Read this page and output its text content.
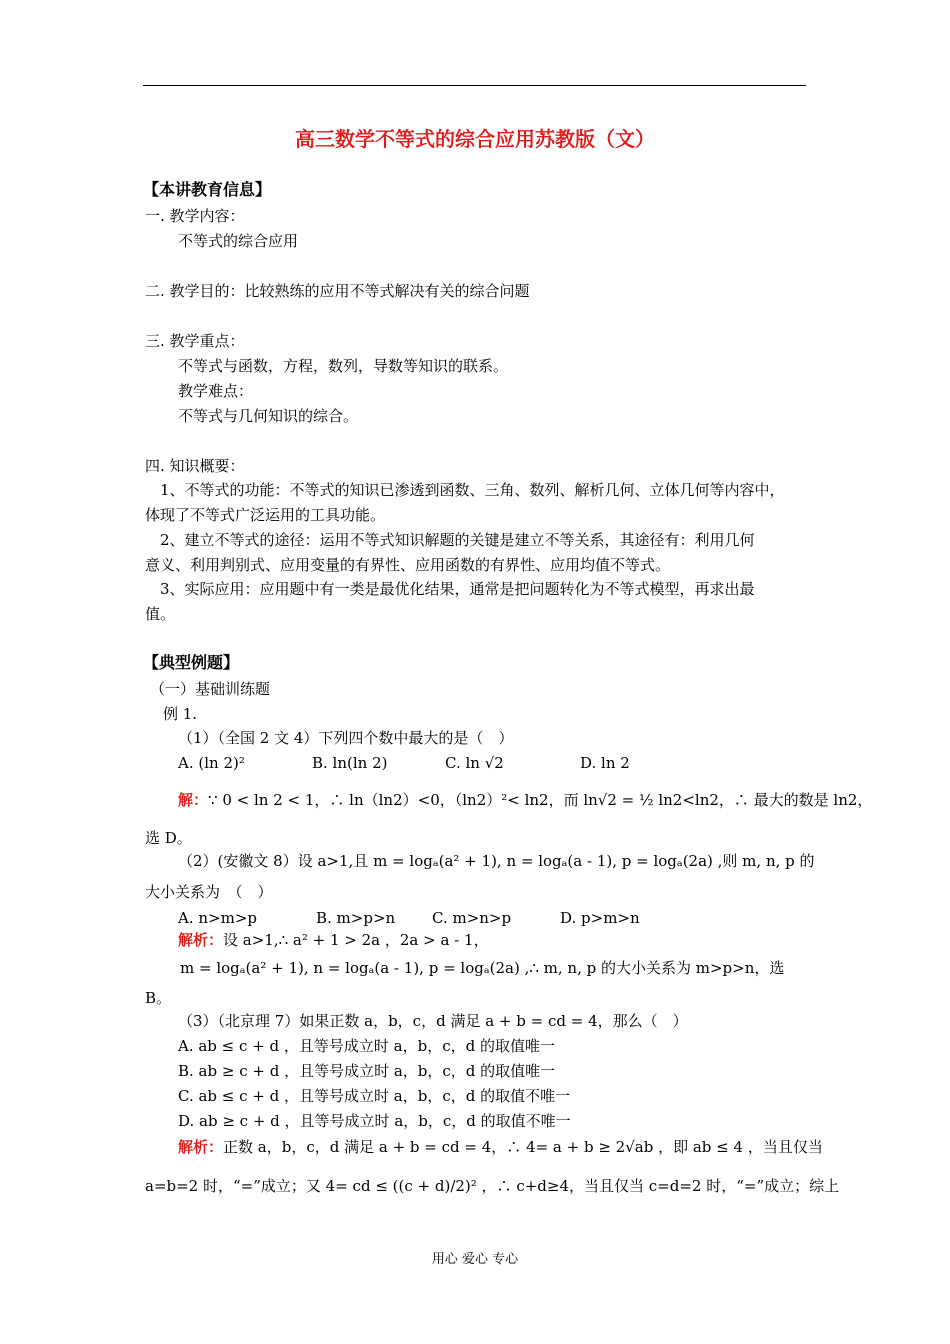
高三数学不等式的综合应用苏教版（文）
【本讲教育信息】
一. 教学内容：
不等式的综合应用
二. 教学目的：比较熟练的应用不等式解决有关的综合问题
三. 教学重点：
不等式与函数，方程，数列，导数等知识的联系。
教学难点：
不等式与几何知识的综合。
四. 知识概要：
1、不等式的功能：不等式的知识已渗透到函数、三角、数列、解析几何、立体几何等内容中，
体现了不等式广泛运用的工具功能。
2、建立不等式的途径：运用不等式知识解题的关键是建立不等关系，其途径有：利用几何
意义、利用判别式、应用变量的有界性、应用函数的有界性、应用均值不等式。
3、实际应用：应用题中有一类是最优化结果，通常是把问题转化为不等式模型，再求出最
值。
【典型例题】
（一）基础训练题
例 1.
（1）（全国 2 文 4）下列四个数中最大的是（　）
A. (ln 2)²	B. ln(ln 2)	C. ln √2	D. ln 2
解：∵ 0 < ln 2 < 1，∴ ln（ln2）<0，（ln2）²< ln2，而 ln√2 = ½ ln2<ln2，∴ 最大的数是 ln2，
选 D。
（2）(安徽文 8）设 a>1,且 m = logₐ(a² + 1), n = logₐ(a - 1), p = logₐ(2a) ,则 m, n, p 的
大小关系为　（　）
A. n>m>p	B. m>p>n C. m>n>p	D. p>m>n
解析：设 a>1,∴ a² + 1 > 2a ，2a > a - 1，
m = logₐ(a² + 1), n = logₐ(a - 1), p = logₐ(2a) ,∴ m, n, p 的大小关系为 m>p>n，选
B。
（3）（北京理 7）如果正数 a，b，c，d 满足 a + b = cd = 4，那么（　）
A. ab ≤ c + d ，且等号成立时 a，b，c，d 的取值唯一
B. ab ≥ c + d ，且等号成立时 a，b，c，d 的取值唯一
C. ab ≤ c + d ，且等号成立时 a，b，c，d 的取值不唯一
D. ab ≥ c + d ，且等号成立时 a，b，c，d 的取值不唯一
解析：正数 a，b，c，d 满足 a + b = cd = 4，∴ 4= a + b ≥ 2√ab ，即 ab ≤ 4 ，当且仅当
a=b=2 时，“=”成立；又 4= cd ≤ ((c + d)/2)² ，∴ c+d≥4，当且仅当 c=d=2 时，“=”成立；综上
用心 爱心 专心
